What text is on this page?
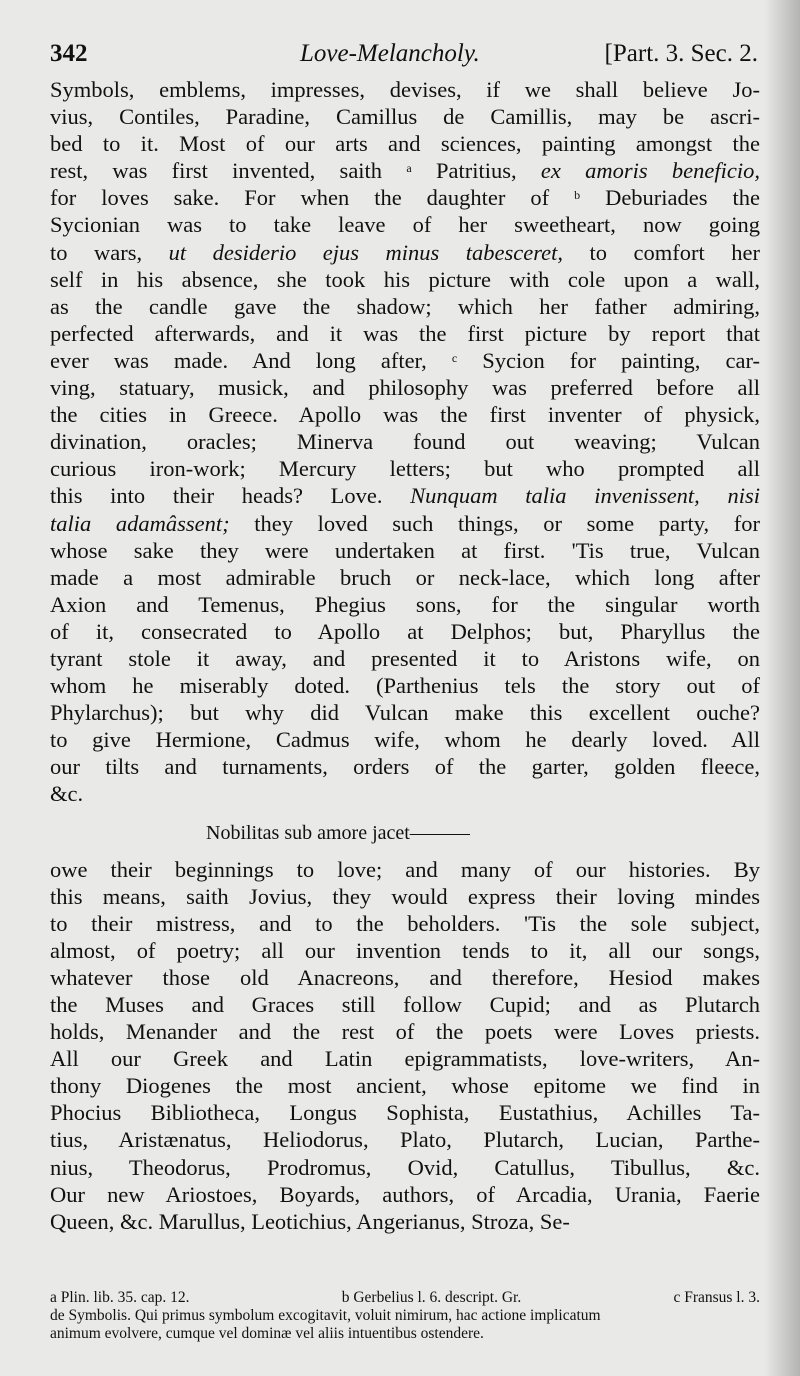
342	Love-Melancholy.	[Part. 3. Sec. 2.
Symbols, emblems, impresses, devises, if we shall believe Jo-
vius, Contiles, Paradine, Camillus de Camillis, may be ascri-
bed to it. Most of our arts and sciences, painting amongst the
rest, was first invented, saith $^a$ Patritius, ex amoris beneficio,
for loves sake. For when the daughter of $^b$ Deburiades the
Sycionian was to take leave of her sweetheart, now going
to wars, ut desiderio ejus minus tabesceret, to comfort her
self in his absence, she took his picture with cole upon a wall,
as the candle gave the shadow; which her father admiring,
perfected afterwards, and it was the first picture by report that
ever was made. And long after, $^c$ Sycion for painting, car-
ving, statuary, musick, and philosophy was preferred before all
the cities in Greece. Apollo was the first inventer of physick,
divination, oracles; Minerva found out weaving; Vulcan
curious iron-work; Mercury letters; but who prompted all
this into their heads? Love. Nunquam talia invenissent, nisi
talia adamâssent; they loved such things, or some party, for
whose sake they were undertaken at first. 'Tis true, Vulcan
made a most admirable bruch or neck-lace, which long after
Axion and Temenus, Phegius sons, for the singular worth
of it, consecrated to Apollo at Delphos; but, Pharyllus the
tyrant stole it away, and presented it to Aristons wife, on
whom he miserably doted. (Parthenius tels the story out of
Phylarchus); but why did Vulcan make this excellent ouche?
to give Hermione, Cadmus wife, whom he dearly loved. All
our tilts and turnaments, orders of the garter, golden fleece,
&c.
Nobilitas sub amore jacet———
owe their beginnings to love; and many of our histories. By
this means, saith Jovius, they would express their loving mindes
to their mistress, and to the beholders. 'Tis the sole subject,
almost, of poetry; all our invention tends to it, all our songs,
whatever those old Anacreons, and therefore, Hesiod makes
the Muses and Graces still follow Cupid; and as Plutarch
holds, Menander and the rest of the poets were Loves priests.
All our Greek and Latin epigrammatists, love-writers, An-
thony Diogenes the most ancient, whose epitome we find in
Phocius Bibliotheca, Longus Sophista, Eustathius, Achilles Ta-
tius, Aristænatus, Heliodorus, Plato, Plutarch, Lucian, Parthe-
nius, Theodorus, Prodromus, Ovid, Catullus, Tibullus, &c.
Our new Ariostoes, Boyards, authors, of Arcadia, Urania, Faerie
Queen, &c. Marullus, Leotichius, Angerianus, Stroza, Se-
a Plin. lib. 35. cap. 12.	b Gerbelius l. 6. descript. Gr.	c Fransus l. 3.
de Symbolis. Qui primus symbolum excogitavit, voluit nimirum, hac actione implicatum
animum evolvere, cumque vel dominæ vel aliis intuentibus ostendere.
